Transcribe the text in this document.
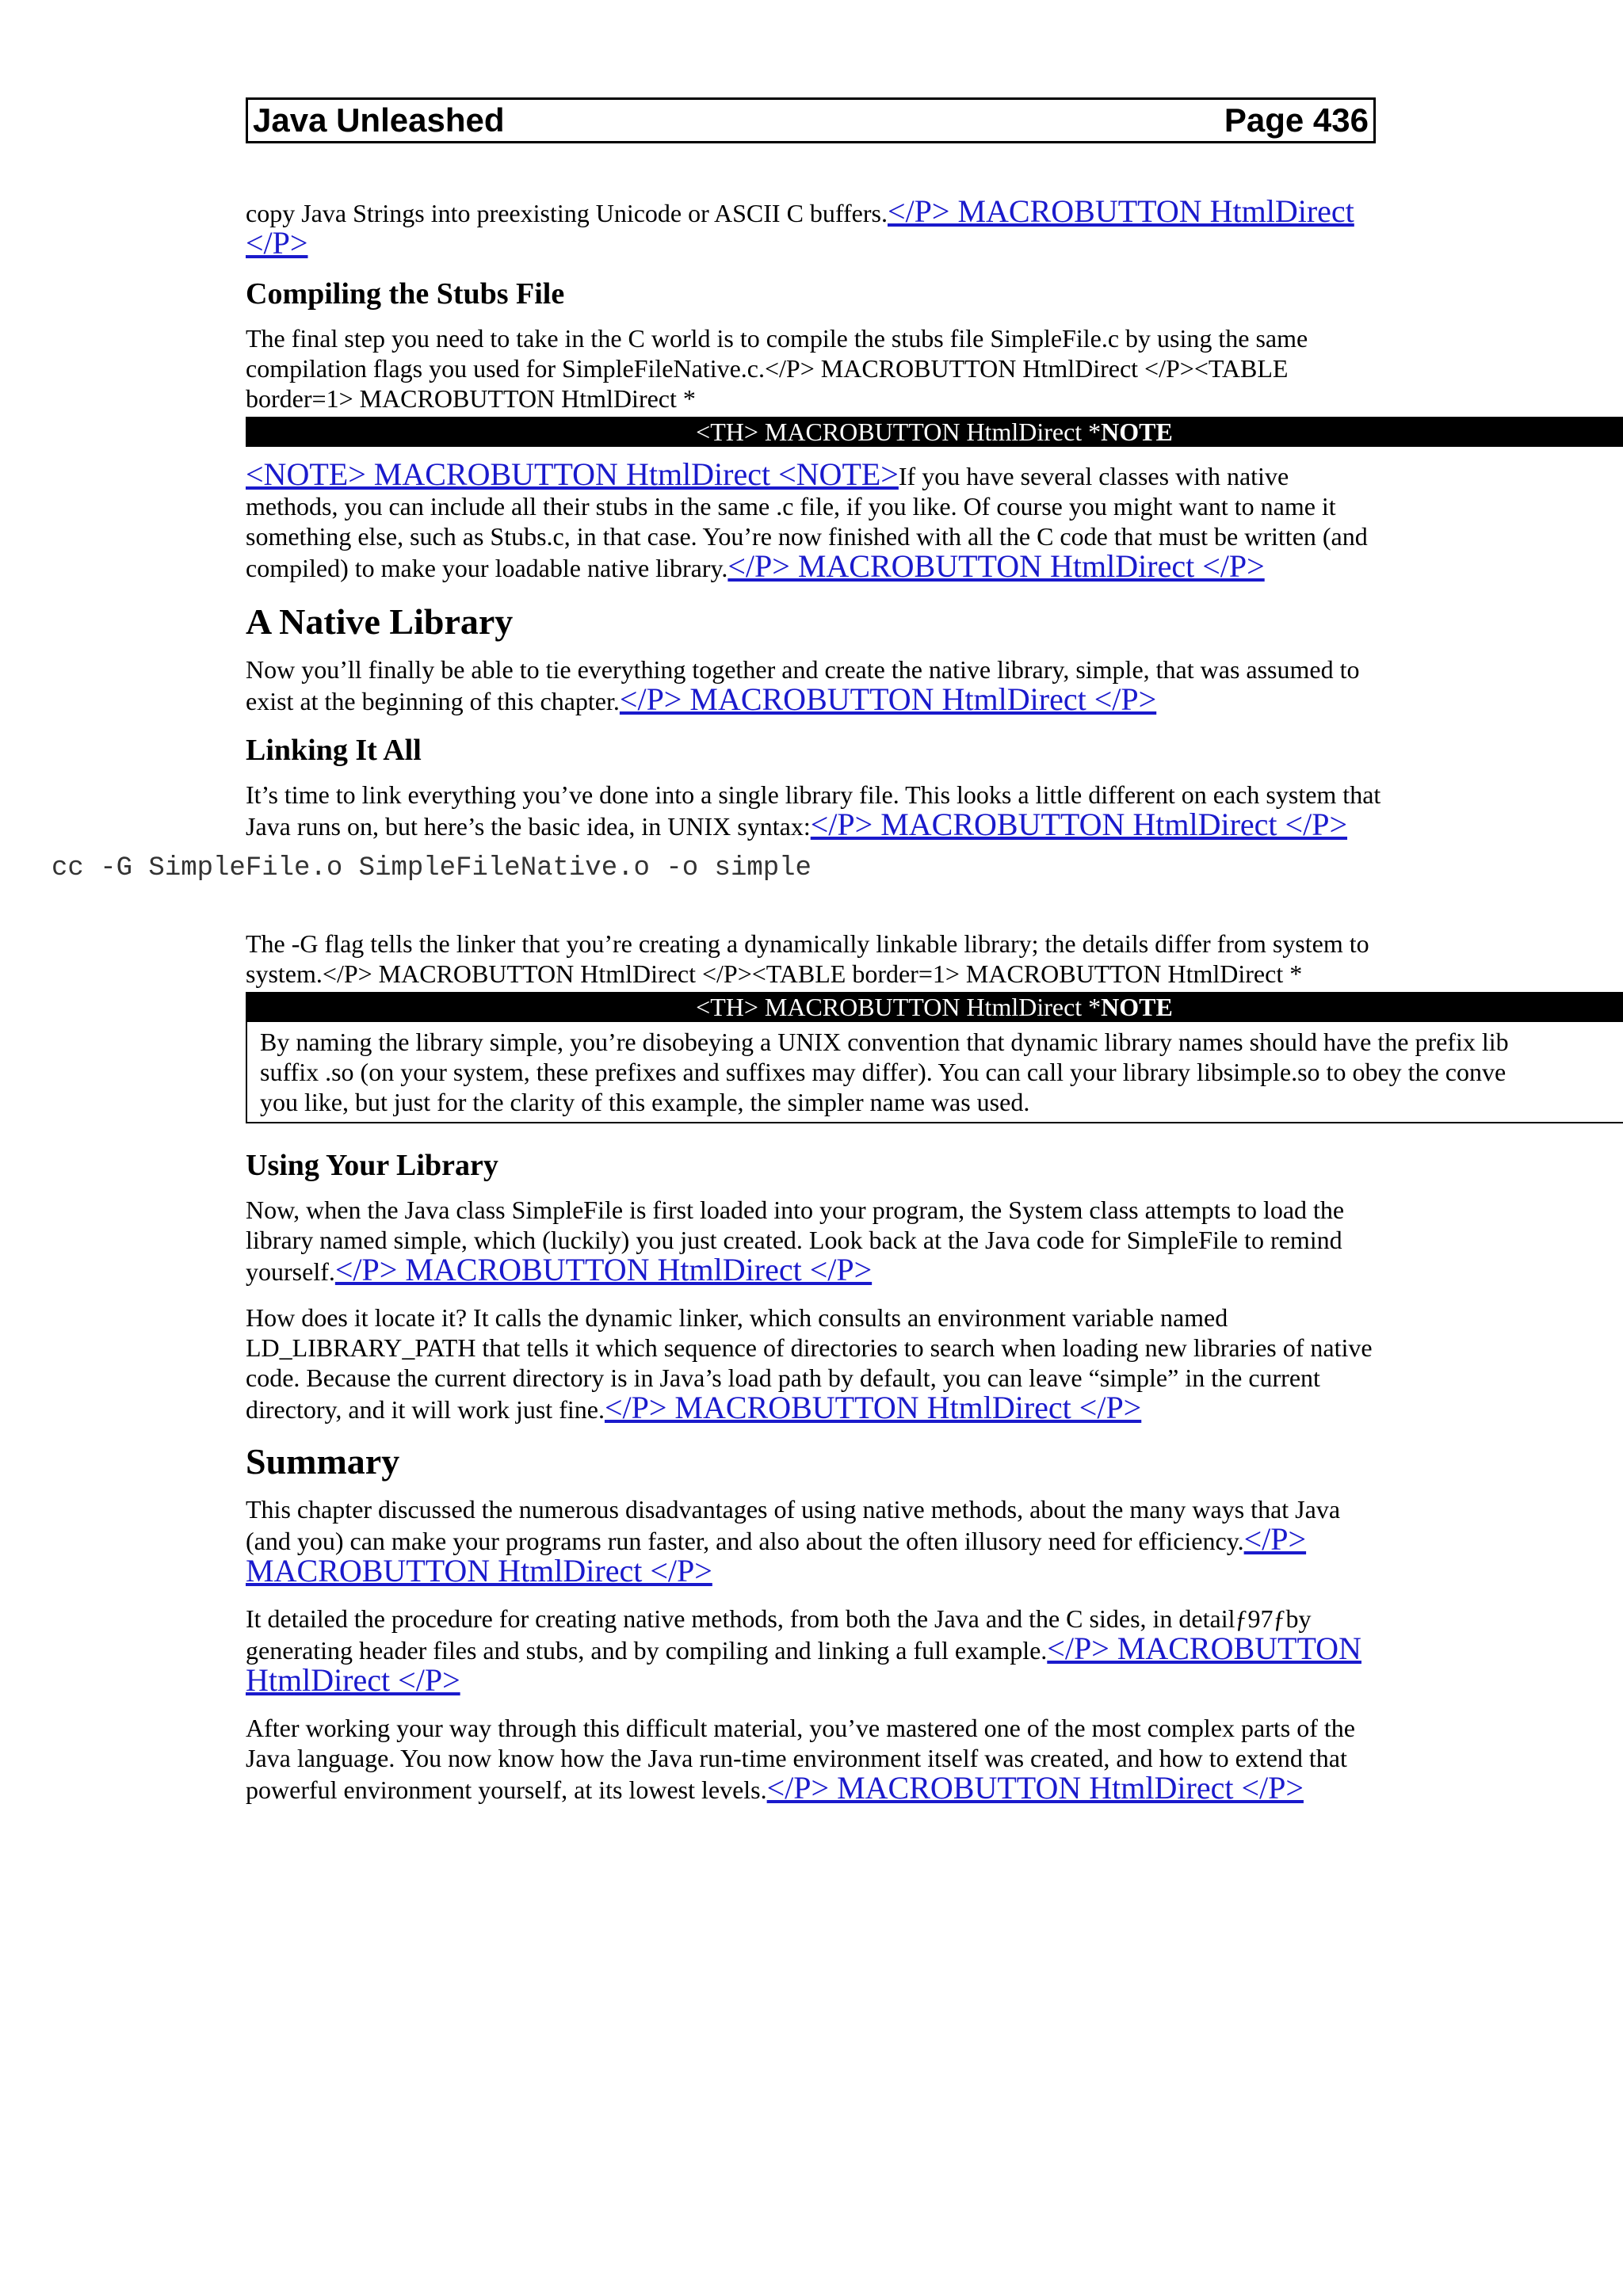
Java Unleashed	Page 436

copy Java Strings into preexisting Unicode or ASCII C buffers.</P> MACROBUTTON HtmlDirect </P>

Compiling the Stubs File

The final step you need to take in the C world is to compile the stubs file SimpleFile.c by using the same compilation flags you used for SimpleFileNative.c.</P> MACROBUTTON HtmlDirect </P><TABLE border=1> MACROBUTTON HtmlDirect *

<TH> MACROBUTTON HtmlDirect *NOTE

<NOTE> MACROBUTTON HtmlDirect <NOTE>If you have several classes with native methods, you can include all their stubs in the same .c file, if you like. Of course you might want to name it something else, such as Stubs.c, in that case. You’re now finished with all the C code that must be written (and compiled) to make your loadable native library.</P> MACROBUTTON HtmlDirect </P>

A Native Library

Now you’ll finally be able to tie everything together and create the native library, simple, that was assumed to exist at the beginning of this chapter.</P> MACROBUTTON HtmlDirect </P>

Linking It All

It’s time to link everything you’ve done into a single library file. This looks a little different on each system that Java runs on, but here’s the basic idea, in UNIX syntax:</P> MACROBUTTON HtmlDirect </P>

cc -G SimpleFile.o SimpleFileNative.o -o simple

The -G flag tells the linker that you’re creating a dynamically linkable library; the details differ from system to system.</P> MACROBUTTON HtmlDirect </P><TABLE border=1> MACROBUTTON HtmlDirect *

<TH> MACROBUTTON HtmlDirect *NOTE
By naming the library simple, you’re disobeying a UNIX convention that dynamic library names should have the prefix lib
suffix .so (on your system, these prefixes and suffixes may differ). You can call your library libsimple.so to obey the conve
you like, but just for the clarity of this example, the simpler name was used.
Using Your Library

Now, when the Java class SimpleFile is first loaded into your program, the System class attempts to load the library named simple, which (luckily) you just created. Look back at the Java code for SimpleFile to remind yourself.</P> MACROBUTTON HtmlDirect </P>

How does it locate it? It calls the dynamic linker, which consults an environment variable named LD_LIBRARY_PATH that tells it which sequence of directories to search when loading new libraries of native code. Because the current directory is in Java’s load path by default, you can leave “simple” in the current directory, and it will work just fine.</P> MACROBUTTON HtmlDirect </P>

Summary

This chapter discussed the numerous disadvantages of using native methods, about the many ways that Java (and you) can make your programs run faster, and also about the often illusory need for efficiency.</P> MACROBUTTON HtmlDirect </P>

It detailed the procedure for creating native methods, from both the Java and the C sides, in detailƒ97ƒby generating header files and stubs, and by compiling and linking a full example.</P> MACROBUTTON HtmlDirect </P>

After working your way through this difficult material, you’ve mastered one of the most complex parts of the Java language. You now know how the Java run-time environment itself was created, and how to extend that powerful environment yourself, at its lowest levels.</P> MACROBUTTON HtmlDirect </P>
